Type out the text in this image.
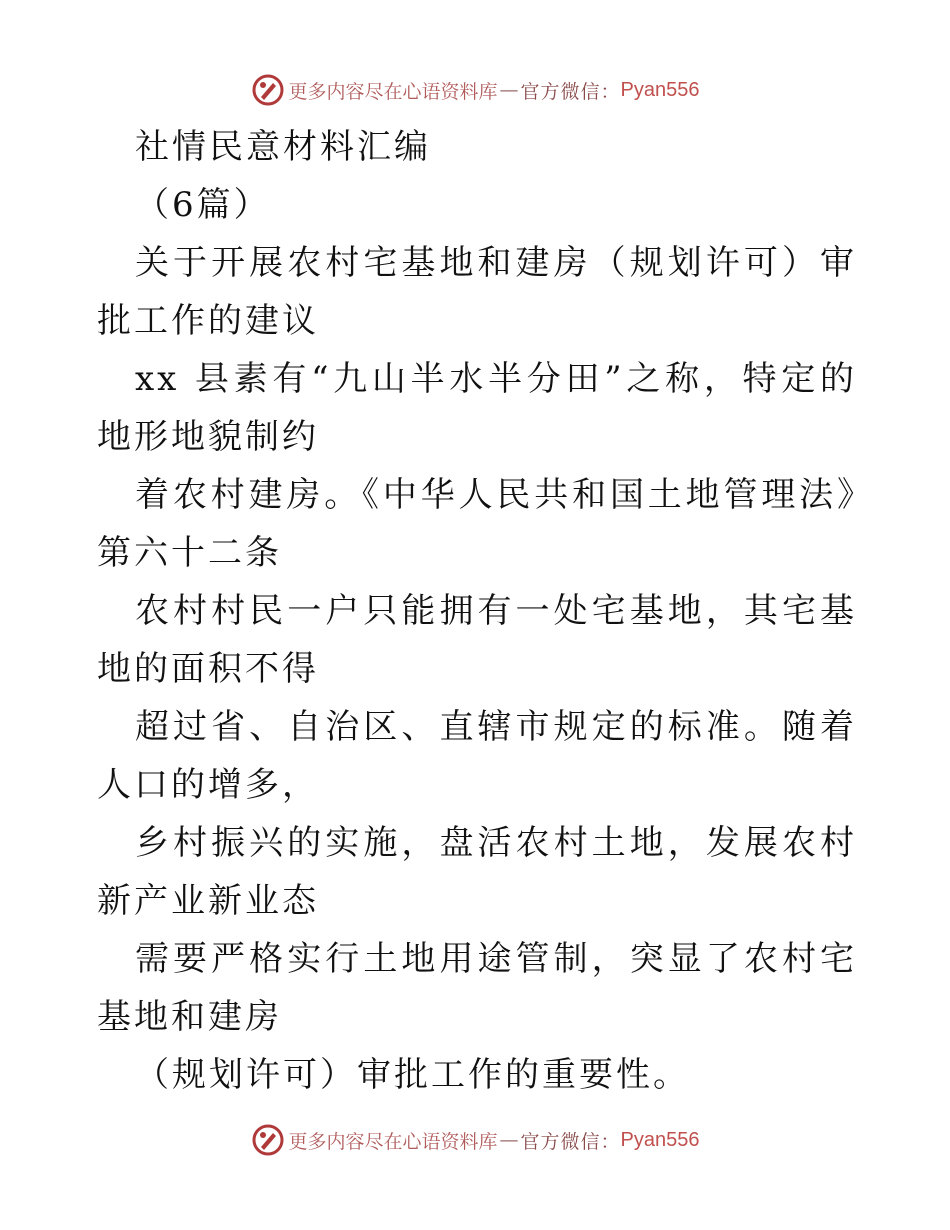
更多内容尽在心语资料库 — 官方微信： Pyan556

社情民意材料汇编

（6篇）

关于开展农村宅基地和建房（规划许可）审批工作的建议

xx 县素有“九山半水半分田”之称，特定的地形地貌制约

着农村建房。《中华人民共和国土地管理法》第六十二条

农村村民一户只能拥有一处宅基地，其宅基地的面积不得

超过省、自治区、直辖市规定的标准。随着人口的增多，

乡村振兴的实施，盘活农村土地，发展农村新产业新业态

需要严格实行土地用途管制，突显了农村宅基地和建房

（规划许可）审批工作的重要性。

更多内容尽在心语资料库 — 官方微信： Pyan556
